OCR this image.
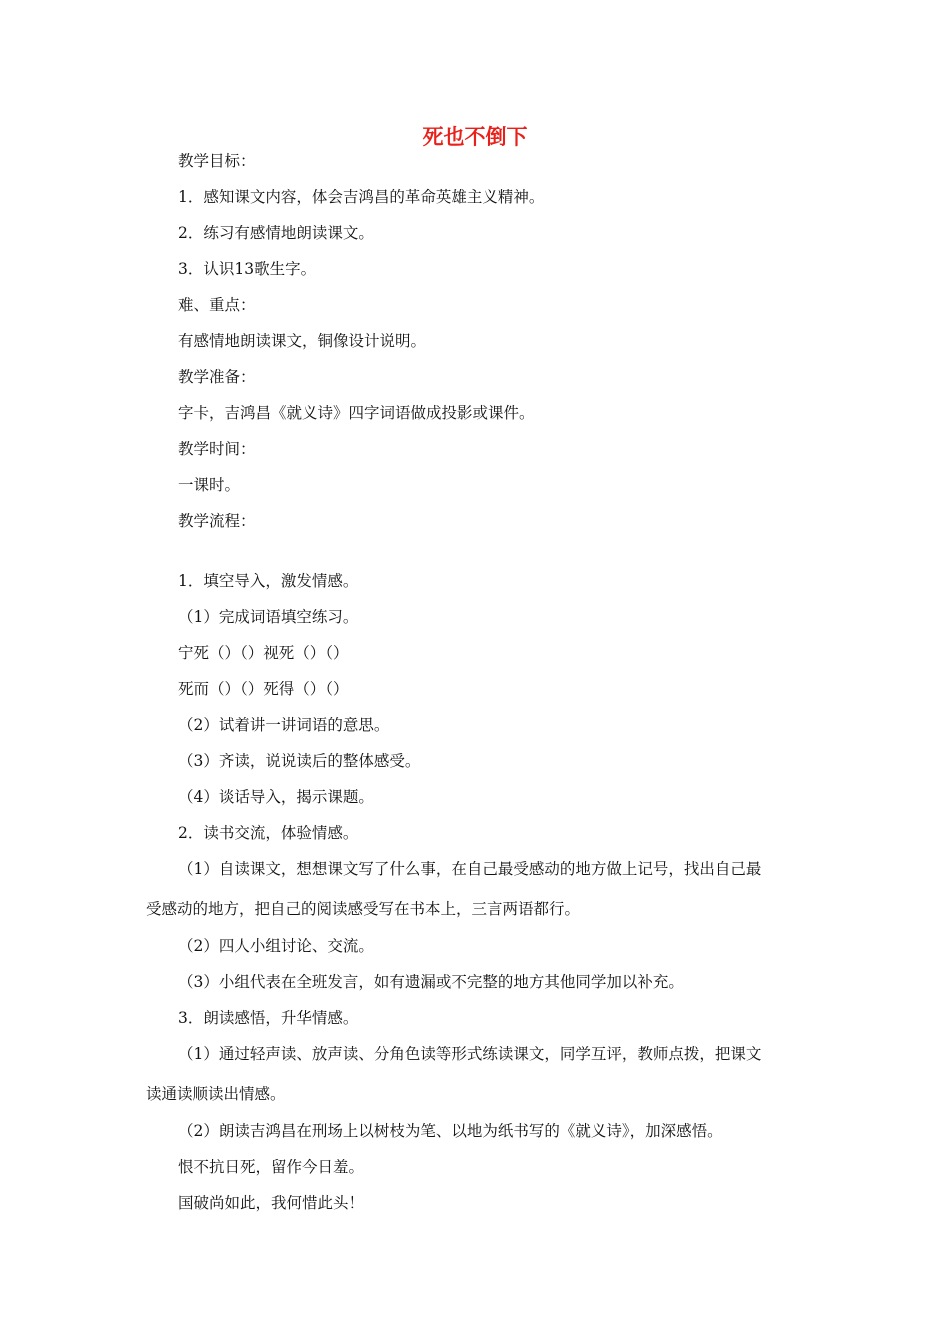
死也不倒下
教学目标：
1．感知课文内容，体会吉鸿昌的革命英雄主义精神。
2．练习有感情地朗读课文。
3．认识13歌生字。
难、重点：
有感情地朗读课文，铜像设计说明。
教学准备：
字卡，吉鸿昌《就义诗》四字词语做成投影或课件。
教学时间：
一课时。
教学流程：
1．填空导入，激发情感。
（1）完成词语填空练习。
宁死（）（）视死（）（）
死而（）（）死得（）（）
（2）试着讲一讲词语的意思。
（3）齐读，说说读后的整体感受。
（4）谈话导入，揭示课题。
2．读书交流，体验情感。
（1）自读课文，想想课文写了什么事，在自己最受感动的地方做上记号，找出自己最
受感动的地方，把自己的阅读感受写在书本上，三言两语都行。
（2）四人小组讨论、交流。
（3）小组代表在全班发言，如有遗漏或不完整的地方其他同学加以补充。
3．朗读感悟，升华情感。
（1）通过轻声读、放声读、分角色读等形式练读课文，同学互评，教师点拨，把课文
读通读顺读出情感。
（2）朗读吉鸿昌在刑场上以树枝为笔、以地为纸书写的《就义诗》，加深感悟。
恨不抗日死，留作今日羞。
国破尚如此，我何惜此头！
